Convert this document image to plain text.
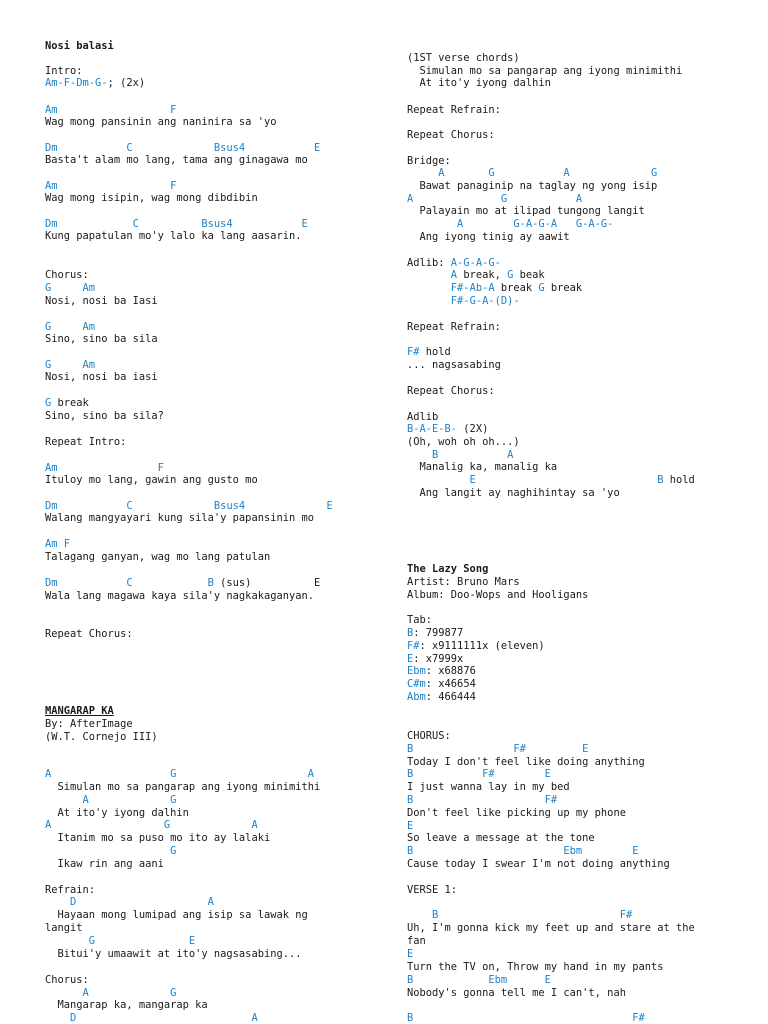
Nosi balasi
Intro:
Am-F-Dm-G-; (2x)
Am                  F
Wag mong pansinin ang naninira sa 'yo
Dm           C             Bsus4           E
Basta't alam mo lang, tama ang ginagawa mo
Am                  F
Wag mong isipin, wag mong dibdibin
Dm            C          Bsus4           E
Kung papatulan mo'y lalo ka lang aasarin.
Chorus:
G     Am
Nosi, nosi ba Iasi
G     Am
Sino, sino ba sila
G     Am
Nosi, nosi ba iasi
G break
Sino, sino ba sila?
Repeat Intro:
Am                F
Ituloy mo lang, gawin ang gusto mo
Dm           C             Bsus4             E
Walang mangyayari kung sila'y papansinin mo
Am F
Talagang ganyan, wag mo lang patulan
Dm           C            B (sus)          E
Wala lang magawa kaya sila'y nagkakaganyan.
Repeat Chorus:
MANGARAP KA
By: AfterImage
(W.T. Cornejo III)
A                   G                     A
Simulan mo sa pangarap ang iyong minimithi
A             G
At ito'y iyong dalhin
A                  G             A
Itanim mo sa puso mo ito ay lalaki
G
Ikaw rin ang aani
Refrain:
D                     A
Hayaan mong lumipad ang isip sa lawak ng
langit
G               E
Bitui'y umaawit at ito'y nagsasabing...
Chorus:
A             G
Mangarap ka, mangarap ka
D                            A
(1ST verse chords)
Simulan mo sa pangarap ang iyong minimithi
At ito'y iyong dalhin
Repeat Refrain:
Repeat Chorus:
Bridge:
A       G           A             G
Bawat panaginip na taglay ng yong isip
A              G           A
Palayain mo at ilipad tungong langit
A        G-A-G-A   G-A-G-
Ang iyong tinig ay aawit
Adlib: A-G-A-G-
A break, G beak
F#-Ab-A break G break
F#-G-A-(D)-
Repeat Refrain:
F# hold
... nagsasabing
Repeat Chorus:
Adlib
B-A-E-B- (2X)
(Oh, woh oh oh...)
B           A
Manalig ka, manalig ka
E                             B hold
Ang langit ay naghihintay sa 'yo
The Lazy Song
Artist: Bruno Mars
Album: Doo-Wops and Hooligans
Tab:
B: 799877
F#: x9111111x (eleven)
E: x7999x
Ebm: x68876
C#m: x46654
Abm: 466444
CHORUS:
B                F#         E
Today I don't feel like doing anything
B           F#        E
I just wanna lay in my bed
B                     F#
Don't feel like picking up my phone
E
So leave a message at the tone
B                        Ebm        E
Cause today I swear I'm not doing anything
VERSE 1:
B                             F#
Uh, I'm gonna kick my feet up and stare at the
fan
E
Turn the TV on, Throw my hand in my pants
B            Ebm      E
Nobody's gonna tell me I can't, nah
B                                   F#
